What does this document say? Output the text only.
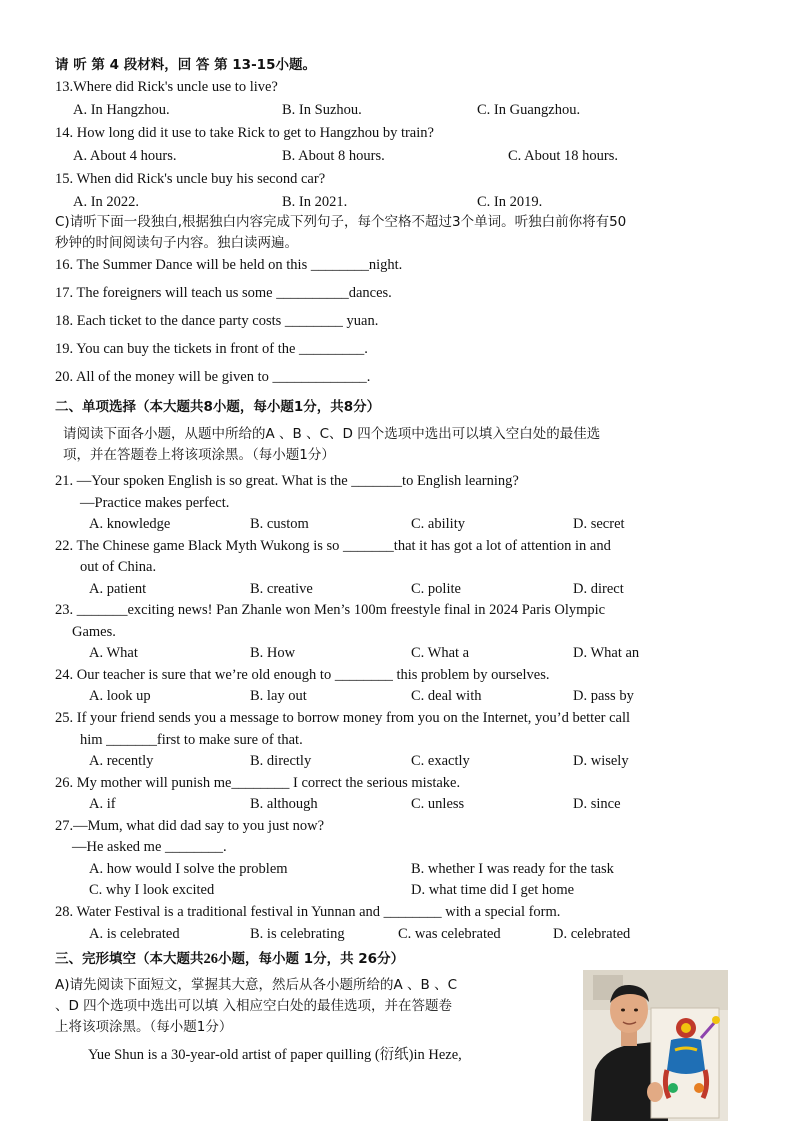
请 听 第 4 段材料，回 答 第 13-15小题。
13.Where did Rick's uncle use to live?
A. In Hangzhou.	B. In Suzhou.	C. In Guangzhou.
14. How long did it use to take Rick to get to Hangzhou by train?
A. About 4 hours.	B. About 8 hours.	C. About 18 hours.
15. When did Rick's uncle buy his second car?
A. In 2022.	B. In 2021.	C. In 2019.
C)请听下面一段独白,根据独白内容完成下列句子，每个空格不超过3个单词。听独白前你将有50
秒钟的时间阅读句子内容。独白读两遍。
16. The Summer Dance will be held on this ________night.
17. The foreigners will teach us some __________dances.
18. Each ticket to the dance party costs ________ yuan.
19. You can buy the tickets in front of the _________.
20. All of the money will be given to _____________.
二、单项选择（本大题共8小题，每小题1分，共8分）
请阅读下面各小题，从题中所给的A 、B 、C、D 四个选项中选出可以填入空白处的最佳选
项，并在答题卷上将该项涂黑。（每小题1分）
21. —Your spoken English is so great. What is the _______to English learning?
—Practice makes perfect.
A. knowledge	B. custom	C. ability	D. secret
22. The Chinese game Black Myth Wukong is so _______that it has got a lot of attention in and
out of China.
A. patient	B. creative	C. polite	D. direct
23. _______exciting news! Pan Zhanle won Men’s 100m freestyle final in 2024 Paris Olympic
Games.
A. What	B. How	C. What a	D. What an
24. Our teacher is sure that we’re old enough to ________ this problem by ourselves.
A. look up	B. lay out	C. deal with	D. pass by
25. If your friend sends you a message to borrow money from you on the Internet, you’d better call
him _______first to make sure of that.
A. recently	B. directly	C. exactly	D. wisely
26. My mother will punish me________ I correct the serious mistake.
A. if	B. although	C. unless	D. since
27.—Mum, what did dad say to you just now?
—He asked me ________.
A. how would I solve the problem	B. whether I was ready for the task
C. why I look excited	D. what time did I get home
28. Water Festival is a traditional festival in Yunnan and ________ with a special form.
A. is celebrated	B. is celebrating	C. was celebrated	D. celebrated
三、完形填空（本大题共26小题，每小题 1分，共 26分）
A)请先阅读下面短文，掌握其大意，然后从各小题所给的A 、B 、C
、D 四个选项中选出可以填 入相应空白处的最佳选项，并在答题卷
上将该项涂黑。（每小题1分）
Yue Shun is a 30-year-old artist of paper quilling (衍纸)in Heze,
